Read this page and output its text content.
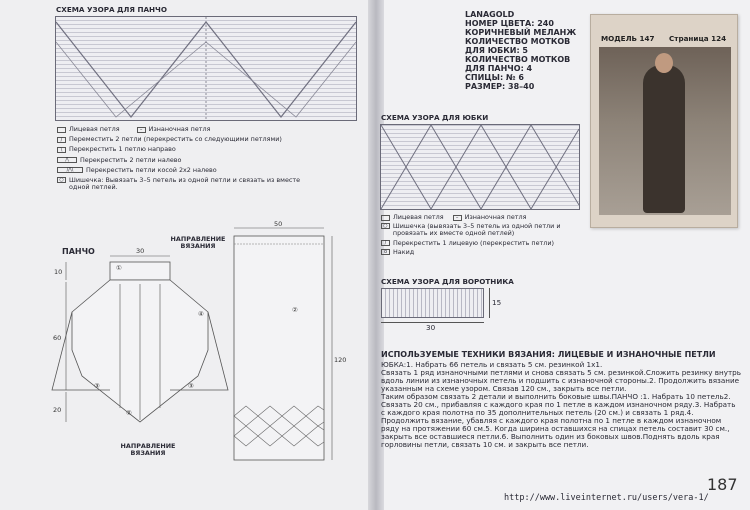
СХЕМА УЗОРА ДЛЯ ПАНЧО
Лицевая петля	– Изнаночная петля
/	Переместить 2 петли (перекрестить со следующими петлями)
\	Перекрестить 1 петлю направо
/\	Перекрестить 2 петли налево
//\\	Перекрестить петли косой 2х2 налево
○ Шишечка: Вывязать 3–5 петель из одной петли и связать из вместе одной петлей.
ПАНЧО
НАПРАВЛЕНИЕ ВЯЗАНИЯ
НАПРАВЛЕНИЕ ВЯЗАНИЯ
30
10
60
20
①
③	③
④
②
50
②
120
LANAGOLD
НОМЕР ЦВЕТА: 240
КОРИЧНЕВЫЙ МЕЛАНЖ
КОЛИЧЕСТВО МОТКОВ
ДЛЯ ЮБКИ: 5
КОЛИЧЕСТВО МОТКОВ
ДЛЯ ПАНЧО: 4
СПИЦЫ: № 6
РАЗМЕР: 38–40
МОДЕЛЬ 147 Страница 124
СХЕМА УЗОРА ДЛЯ ЮБКИ
Лицевая петля	– Изнаночная петля
○ Шишечка (вывязать 3–5 петель из одной петли и провязать их вместе одной петлей)
/	Перекрестить 1 лицевую (перекрестить петли)
o Накид
СХЕМА УЗОРА ДЛЯ ВОРОТНИКА
30
15
ИСПОЛЬЗУЕМЫЕ ТЕХНИКИ ВЯЗАНИЯ: ЛИЦЕВЫЕ И ИЗНАНОЧНЫЕ ПЕТЛИ

ЮБКА:1. Набрать 66 петель и связать 5 см. резинкой 1х1.

Связать 1 ряд изнаночными петлями и снова связать 5 см. резинкой.Сложить резинку внутрь вдоль линии из изнаночных петель и подшить с изнаночной стороны.2. Продолжить вязание указанным на схеме узором. Связав 120 см., закрыть все петли.

Таким образом связать 2 детали и выполнить боковые швы.ПАНЧО :1. Набрать 10 петель2. Связать 20 см., прибавляя с каждого края по 1 петле в каждом изнаночном ряду.3. Набрать с каждого края полотна по 35 дополнительных петель (20 см.) и связать 1 ряд.4. Продолжить вязание, убавляя с каждого края полотна по 1 петле в каждом изнаночном ряду на протяжении 60 см.5. Когда ширина оставшихся на спицах петель составит 30 см., закрыть все оставшиеся петли.6. Выполнить один из боковых швов.Поднять вдоль края горловины петли, связать 10 см. и закрыть все петли.

http://www.liveinternet.ru/users/vera-1/
187
